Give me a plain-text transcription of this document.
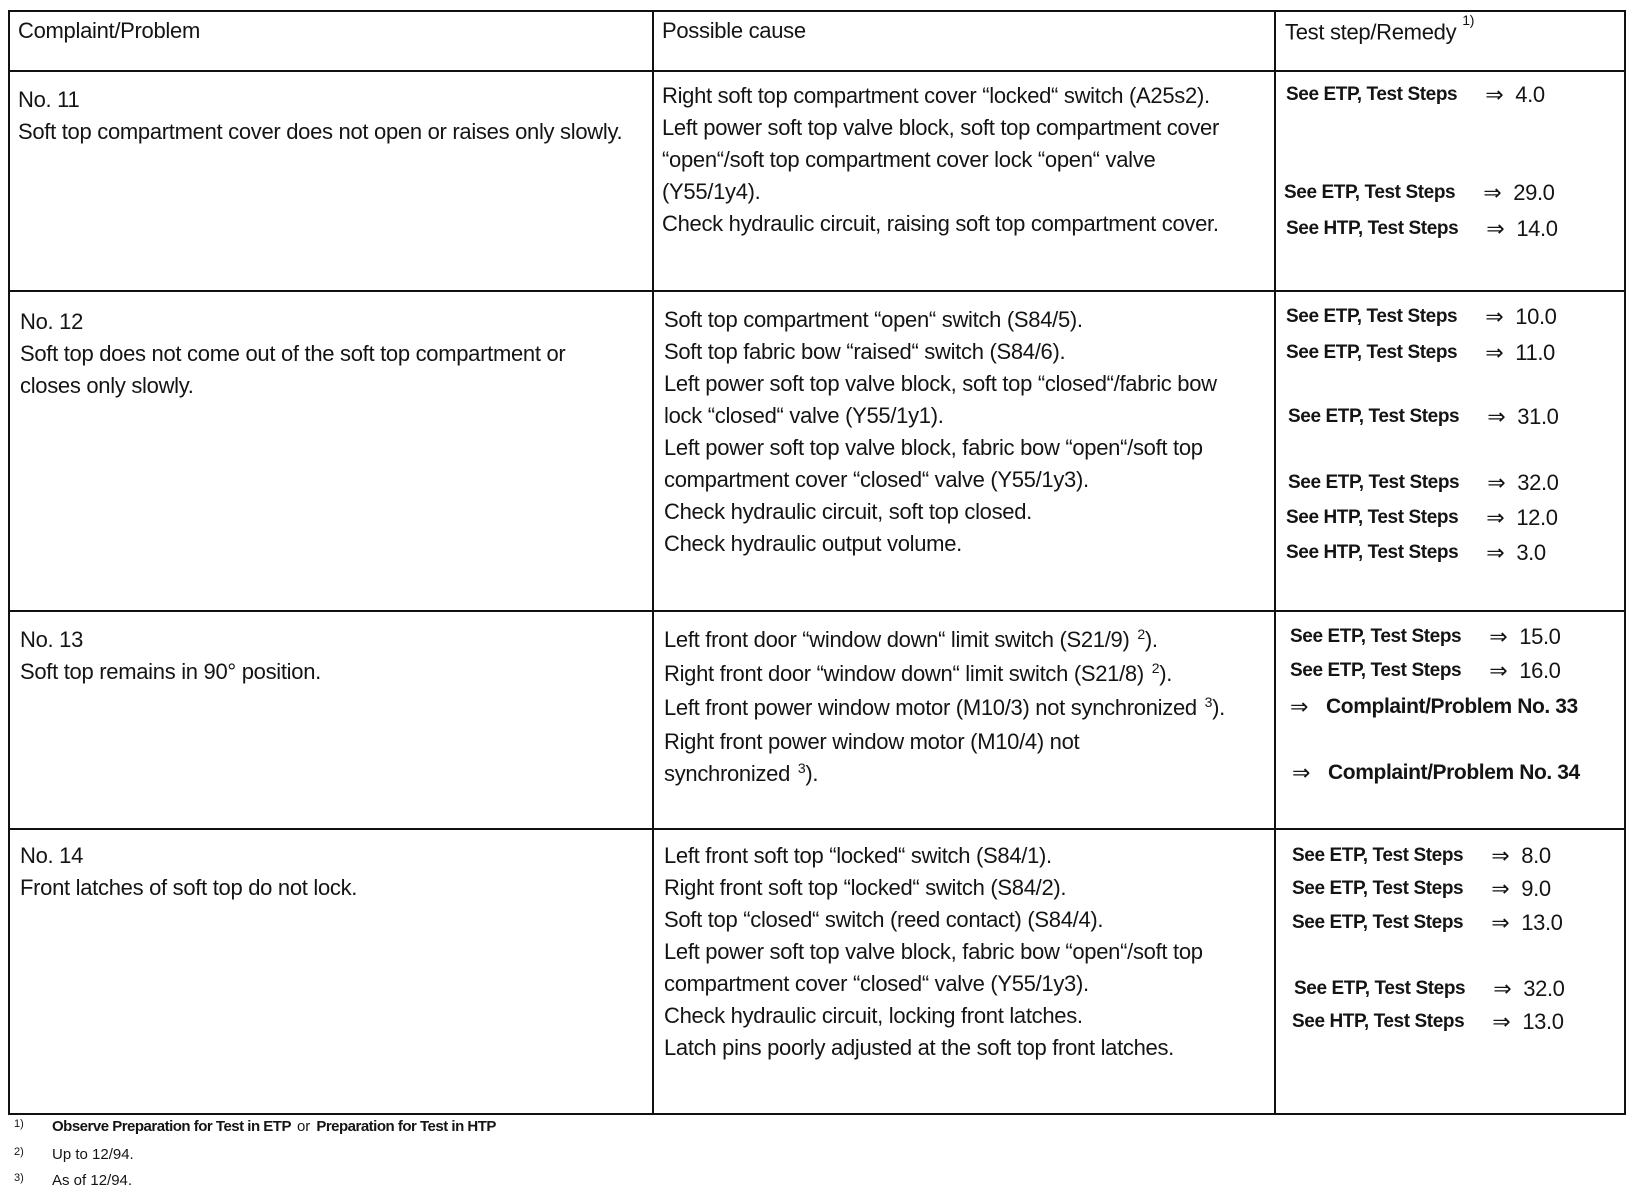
Complaint/Problem	Possible cause	Test step/Remedy $^{1)}$
No. 11
Soft top compartment cover does not open or raises only slowly.
Right soft top compartment cover “locked“ switch (A25s2).
Left power soft top valve block, soft top compartment cover
“open“/soft top compartment cover lock “open“ valve
(Y55/1y4).
Check hydraulic circuit, raising soft top compartment cover.
See ETP, Test Steps ⇒ 4.0
See ETP, Test Steps ⇒ 29.0
See HTP, Test Steps ⇒ 14.0
No. 12
Soft top does not come out of the soft top compartment or closes only slowly.
Soft top compartment “open“ switch (S84/5).
Soft top fabric bow “raised“ switch (S84/6).
Left power soft top valve block, soft top “closed“/fabric bow
lock “closed“ valve (Y55/1y1).
Left power soft top valve block, fabric bow “open“/soft top
compartment cover “closed“ valve (Y55/1y3).
Check hydraulic circuit, soft top closed.
Check hydraulic output volume.
See ETP, Test Steps ⇒ 10.0
See ETP, Test Steps ⇒ 11.0
See ETP, Test Steps ⇒ 31.0
See ETP, Test Steps ⇒ 32.0
See HTP, Test Steps ⇒ 12.0
See HTP, Test Steps ⇒ 3.0
No. 13
Soft top remains in 90° position.
Left front door “window down“ limit switch (S21/9) $^2$).
Right front door “window down“ limit switch (S21/8) $^2$).
Left front power window motor (M10/3) not synchronized $^3$).
Right front power window motor (M10/4) not
synchronized $^3$).
See ETP, Test Steps ⇒ 15.0
See ETP, Test Steps ⇒ 16.0
⇒ Complaint/Problem No. 33
⇒ Complaint/Problem No. 34
No. 14
Front latches of soft top do not lock.
Left front soft top “locked“ switch (S84/1).
Right front soft top “locked“ switch (S84/2).
Soft top “closed“ switch (reed contact) (S84/4).
Left power soft top valve block, fabric bow “open“/soft top
compartment cover “closed“ valve (Y55/1y3).
Check hydraulic circuit, locking front latches.
Latch pins poorly adjusted at the soft top front latches.
See ETP, Test Steps ⇒ 8.0
See ETP, Test Steps ⇒ 9.0
See ETP, Test Steps ⇒ 13.0
See ETP, Test Steps ⇒ 32.0
See HTP, Test Steps ⇒ 13.0
1) Observe Preparation for Test in ETP or Preparation for Test in HTP
2) Up to 12/94.
3) As of 12/94.
